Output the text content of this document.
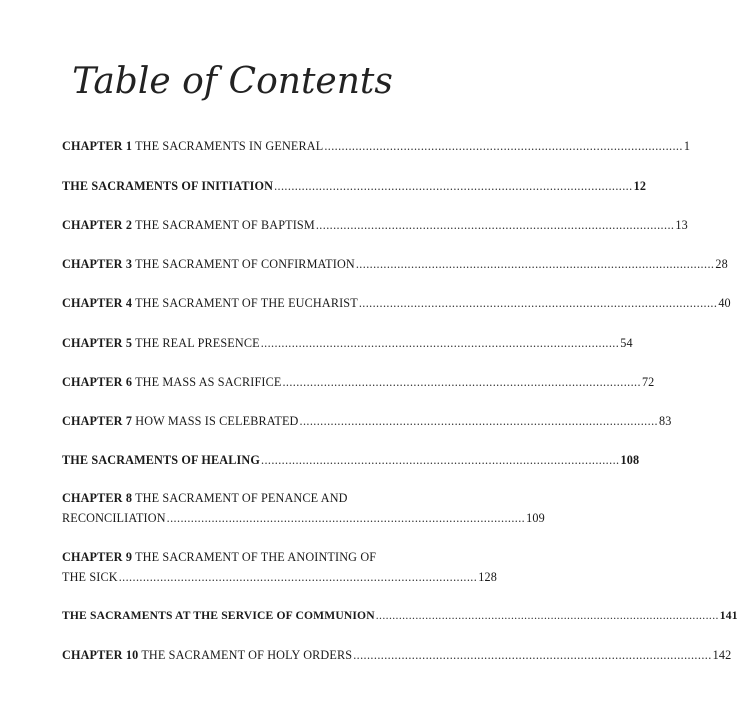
Table of Contents
CHAPTER 1 THE SACRAMENTS IN GENERAL ........................................................................................................ 1
THE SACRAMENTS OF INITIATION ........................................................................................................ 12
CHAPTER 2 THE SACRAMENT OF BAPTISM ........................................................................................................ 13
CHAPTER 3 THE SACRAMENT OF CONFIRMATION ........................................................................................................ 28
CHAPTER 4 THE SACRAMENT OF THE EUCHARIST ........................................................................................................ 40
CHAPTER 5 THE REAL PRESENCE ........................................................................................................ 54
CHAPTER 6 THE MASS AS SACRIFICE ........................................................................................................ 72
CHAPTER 7 HOW MASS IS CELEBRATED ........................................................................................................ 83
THE SACRAMENTS OF HEALING ........................................................................................................ 108
CHAPTER 8 THE SACRAMENT OF PENANCE AND
RECONCILIATION ........................................................................................................ 109
CHAPTER 9 THE SACRAMENT OF THE ANOINTING OF
THE SICK ........................................................................................................ 128
THE SACRAMENTS AT THE SERVICE OF COMMUNION ........................................................................................................ 141
CHAPTER 10 THE SACRAMENT OF HOLY ORDERS ........................................................................................................ 142
